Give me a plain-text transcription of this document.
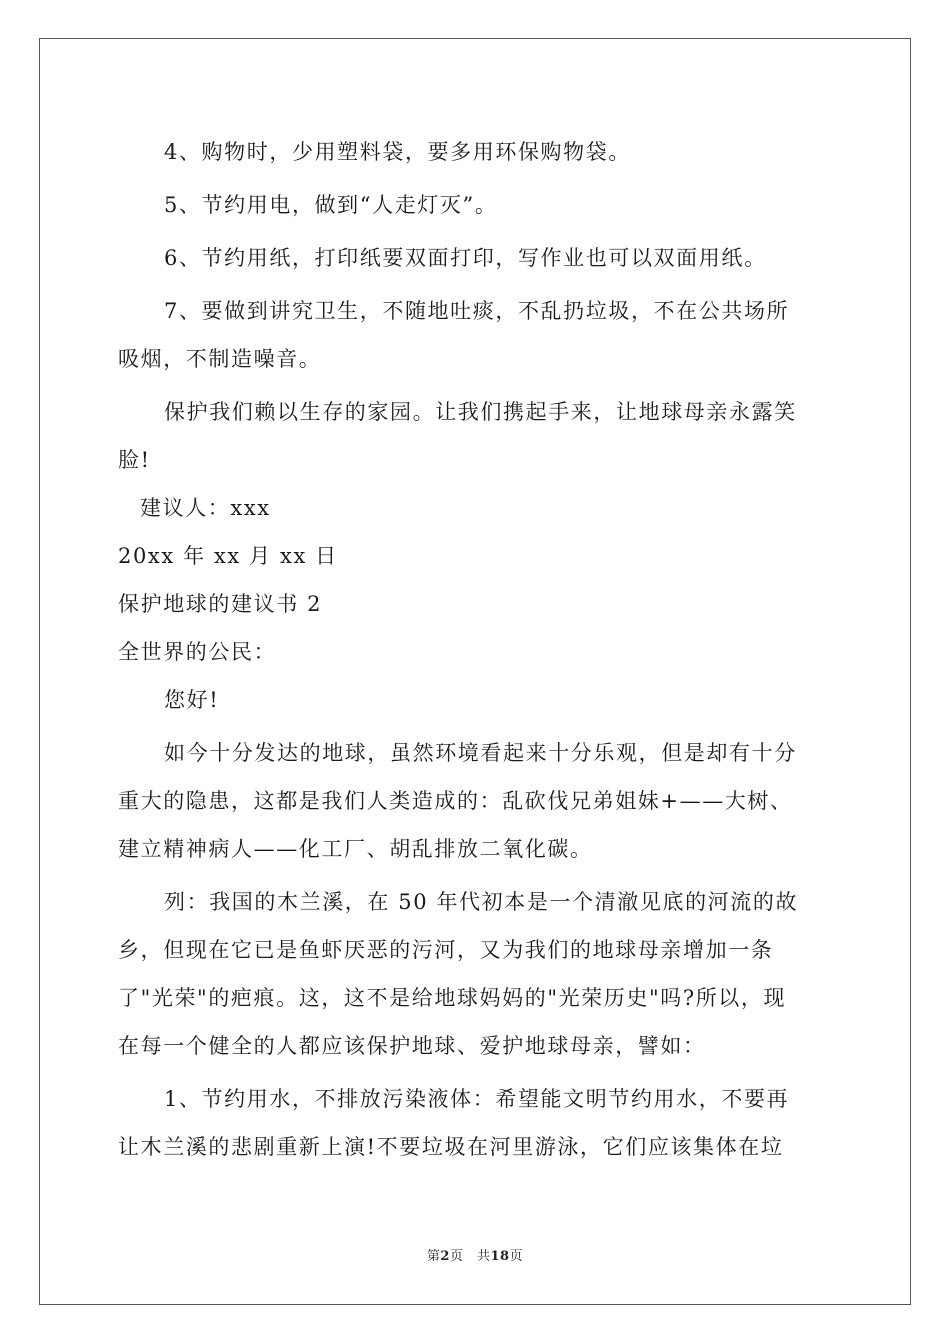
4、购物时，少用塑料袋，要多用环保购物袋。
5、节约用电，做到“人走灯灭”。
6、节约用纸，打印纸要双面打印，写作业也可以双面用纸。
7、要做到讲究卫生，不随地吐痰，不乱扔垃圾，不在公共场所
吸烟，不制造噪音。
保护我们赖以生存的家园。让我们携起手来，让地球母亲永露笑
脸!
建议人：xxx
20xx 年 xx 月 xx 日
保护地球的建议书 2
全世界的公民：
您好!
如今十分发达的地球，虽然环境看起来十分乐观，但是却有十分
重大的隐患，这都是我们人类造成的：乱砍伐兄弟姐妹+——大树、
建立精神病人——化工厂、胡乱排放二氧化碳。
列：我国的木兰溪，在 50 年代初本是一个清澈见底的河流的故
乡，但现在它已是鱼虾厌恶的污河，又为我们的地球母亲增加一条
了"光荣"的疤痕。这，这不是给地球妈妈的"光荣历史"吗?所以，现
在每一个健全的人都应该保护地球、爱护地球母亲，譬如：
1、节约用水，不排放污染液体：希望能文明节约用水，不要再
让木兰溪的悲剧重新上演!不要垃圾在河里游泳，它们应该集体在垃
第2页　共18页
